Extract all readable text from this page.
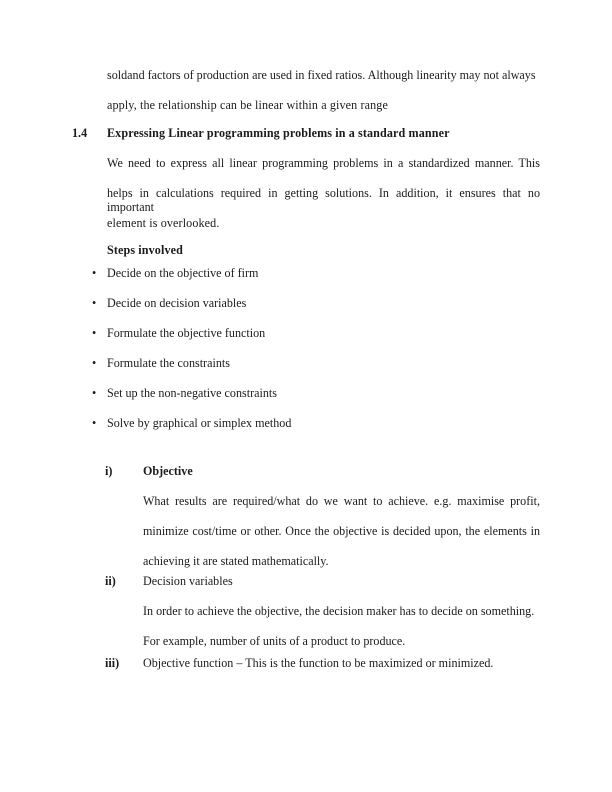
soldand factors of production are used in fixed ratios. Although linearity may not always
apply, the relationship can be linear within a given range
1.4 Expressing Linear programming problems in a standard manner
We need to express all linear programming problems in a standardized manner. This
helps in calculations required in getting solutions. In addition, it ensures that no important
element is overlooked.
Steps involved
• Decide on the objective of firm
• Decide on decision variables
• Formulate the objective function
• Formulate the constraints
• Set up the non-negative constraints
• Solve by graphical or simplex method
i)	Objective
What results are required/what do we want to achieve. e.g. maximise profit,
minimize cost/time or other. Once the objective is decided upon, the elements in
achieving it are stated mathematically.
ii) Decision variables
In order to achieve the objective, the decision maker has to decide on something.
For example, number of units of a product to produce.
iii) Objective function – This is the function to be maximized or minimized.
